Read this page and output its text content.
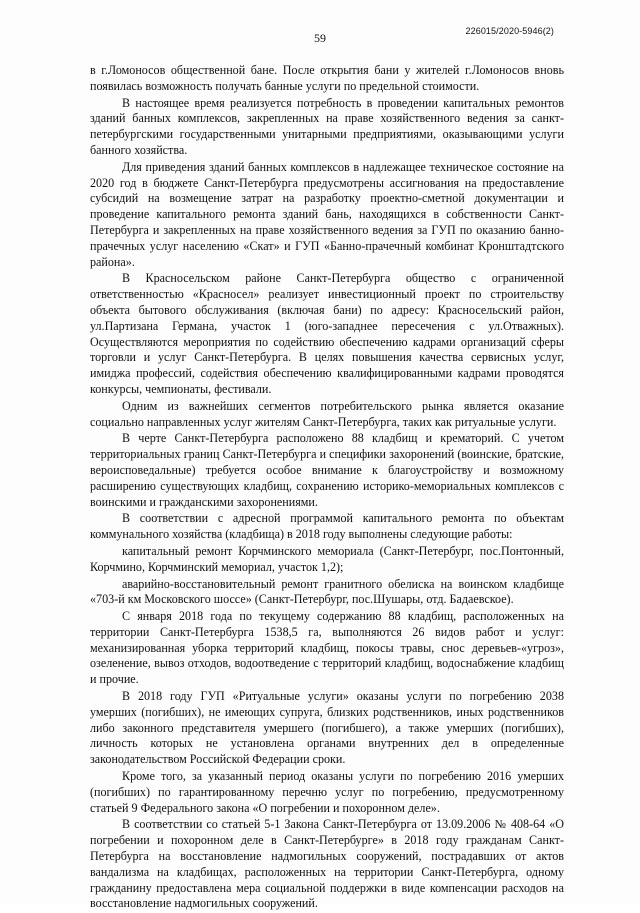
59	226015/2020-5946(2)

в г.Ломоносов общественной бане. После открытия бани у жителей г.Ломоносов вновь появилась возможность получать банные услуги по предельной стоимости.

В настоящее время реализуется потребность в проведении капитальных ремонтов зданий банных комплексов, закрепленных на праве хозяйственного ведения за санкт-петербургскими государственными унитарными предприятиями, оказывающими услуги банного хозяйства.

Для приведения зданий банных комплексов в надлежащее техническое состояние на 2020 год в бюджете Санкт-Петербурга предусмотрены ассигнования на предоставление субсидий на возмещение затрат на разработку проектно-сметной документации и проведение капитального ремонта зданий бань, находящихся в собственности Санкт-Петербурга и закрепленных на праве хозяйственного ведения за ГУП по оказанию банно-прачечных услуг населению «Скат» и ГУП «Банно-прачечный комбинат Кронштадтского района».

В Красносельском районе Санкт-Петербурга общество с ограниченной ответственностью «Красносел» реализует инвестиционный проект по строительству объекта бытового обслуживания (включая бани) по адресу: Красносельский район, ул.Партизана Германа, участок 1 (юго-западнее пересечения с ул.Отважных). Осуществляются мероприятия по содействию обеспечению кадрами организаций сферы торговли и услуг Санкт-Петербурга. В целях повышения качества сервисных услуг, имиджа профессий, содействия обеспечению квалифицированными кадрами проводятся конкурсы, чемпионаты, фестивали.

Одним из важнейших сегментов потребительского рынка является оказание социально направленных услуг жителям Санкт-Петербурга, таких как ритуальные услуги.

В черте Санкт-Петербурга расположено 88 кладбищ и крематорий. С учетом территориальных границ Санкт-Петербурга и специфики захоронений (воинские, братские, вероисповедальные) требуется особое внимание к благоустройству и возможному расширению существующих кладбищ, сохранению историко-мемориальных комплексов с воинскими и гражданскими захоронениями.

В соответствии с адресной программой капитального ремонта по объектам коммунального хозяйства (кладбища) в 2018 году выполнены следующие работы:

капитальный ремонт Корчминского мемориала (Санкт-Петербург, пос.Понтонный, Корчмино, Корчминский мемориал, участок 1,2);

аварийно-восстановительный ремонт гранитного обелиска на воинском кладбище «703-й км Московского шоссе» (Санкт-Петербург, пос.Шушары, отд. Бадаевское).

С января 2018 года по текущему содержанию 88 кладбищ, расположенных на территории Санкт-Петербурга 1538,5 га, выполняются 26 видов работ и услуг: механизированная уборка территорий кладбищ, покосы травы, снос деревьев-«угроз», озеленение, вывоз отходов, водоотведение с территорий кладбищ, водоснабжение кладбищ и прочие.

В 2018 году ГУП «Ритуальные услуги» оказаны услуги по погребению 2038 умерших (погибших), не имеющих супруга, близких родственников, иных родственников либо законного представителя умершего (погибшего), а также умерших (погибших), личность которых не установлена органами внутренних дел в определенные законодательством Российской Федерации сроки.

Кроме того, за указанный период оказаны услуги по погребению 2016 умерших (погибших) по гарантированному перечню услуг по погребению, предусмотренному статьей 9 Федерального закона «О погребении и похоронном деле».

В соответствии со статьей 5-1 Закона Санкт-Петербурга от 13.09.2006 № 408-64 «О погребении и похоронном деле в Санкт-Петербурге» в 2018 году гражданам Санкт-Петербурга на восстановление надмогильных сооружений, пострадавших от актов вандализма на кладбищах, расположенных на территории Санкт-Петербурга, одному гражданину предоставлена мера социальной поддержки в виде компенсации расходов на восстановление надмогильных сооружений.
